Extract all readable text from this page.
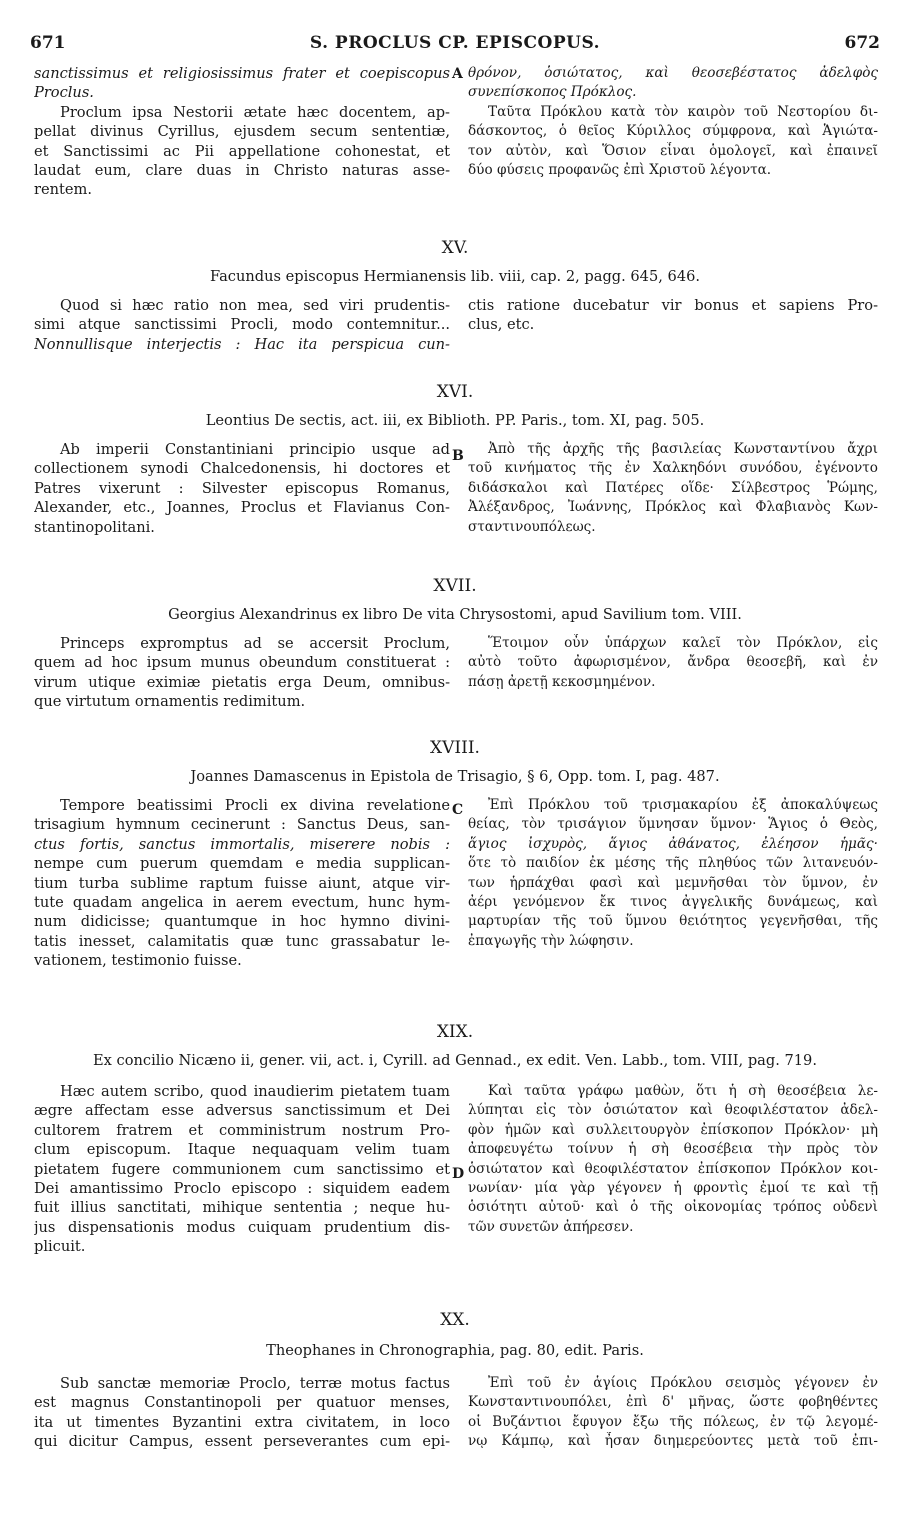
671	S. PROCLUS CP. EPISCOPUS.	672
sanctissimus et religiosissimus frater et coepiscopus
Proclus.
Proclum ipsa Nestorii ætate hæc docentem, ap-
pellat divinus Cyrillus, ejusdem secum sententiæ,
et Sanctissimi ac Pii appellatione cohonestat, et
laudat eum, clare duas in Christo naturas asse-
rentem.
A θρόνον, ὁσιώτατος, καὶ θεοσεβέστατος ἀδελφὸς
συνεπίσκοπος Πρόκλος.
Ταῦτα Πρόκλου κατὰ τὸν καιρὸν τοῦ Νεστορίου δι-
δάσκοντος, ὁ θεῖος Κύριλλος σύμφρονα, καὶ Ἁγιώτα-
τον αὐτὸν, καὶ Ὅσιον εἶναι ὁμολογεῖ, καὶ ἐπαινεῖ
δύο φύσεις προφανῶς ἐπὶ Χριστοῦ λέγοντα.
XV.
Facundus episcopus Hermianensis lib. viii, cap. 2, pagg. 645, 646.
Quod si hæc ratio non mea, sed viri prudentis-
simi atque sanctissimi Procli, modo contemnitur...
Nonnullisque interjectis : Hac ita perspicua cun-
ctis ratione ducebatur vir bonus et sapiens Pro-
clus, etc.
XVI.
Leontius De sectis, act. iii, ex Biblioth. PP. Paris., tom. XI, pag. 505.
Ab imperii Constantiniani principio usque ad
collectionem synodi Chalcedonensis, hi doctores et
Patres vixerunt : Silvester episcopus Romanus,
Alexander, etc., Joannes, Proclus et Flavianus Con-
stantinopolitani.
B	Ἀπὸ τῆς ἀρχῆς τῆς βασιλείας Κωνσταντίνου ἄχρι
τοῦ κινήματος τῆς ἐν Χαλκηδόνι συνόδου, ἐγένοντο
διδάσκαλοι καὶ Πατέρες οἵδε· Σίλβεστρος Ῥώμης,
Ἀλέξανδρος, Ἰωάννης, Πρόκλος καὶ Φλαβιανὸς Κων-
σταντινουπόλεως.
XVII.
Georgius Alexandrinus ex libro De vita Chrysostomi, apud Savilium tom. VIII.
Princeps expromptus ad se accersit Proclum,
quem ad hoc ipsum munus obeundum constituerat :
virum utique eximiæ pietatis erga Deum, omnibus-
que virtutum ornamentis redimitum.
Ἕτοιμον οὖν ὑπάρχων καλεῖ τὸν Πρόκλον, εἰς
αὐτὸ τοῦτο ἀφωρισμένον, ἄνδρα θεοσεβῆ, καὶ ἐν
πάσῃ ἀρετῇ κεκοσμημένον.
XVIII.
Joannes Damascenus in Epistola de Trisagio, § 6, Opp. tom. I, pag. 487.
Tempore beatissimi Procli ex divina revelatione
trisagium hymnum cecinerunt : Sanctus Deus, san-
ctus fortis, sanctus immortalis, miserere nobis :
nempe cum puerum quemdam e media supplican-
tium turba sublime raptum fuisse aiunt, atque vir-
tute quadam angelica in aerem evectum, hunc hym-
num didicisse; quantumque in hoc hymno divini-
tatis inesset, calamitatis quæ tunc grassabatur le-
vationem, testimonio fuisse.
C	Ἐπὶ Πρόκλου τοῦ τρισμακαρίου ἐξ ἀποκαλύψεως
θείας, τὸν τρισάγιον ὕμνησαν ὕμνον· Ἅγιος ὁ Θεὸς,
ἅγιος ἰσχυρὸς, ἅγιος ἀθάνατος, ἐλέησον ἡμᾶς·
ὅτε τὸ παιδίον ἐκ μέσης τῆς πληθύος τῶν λιτανευόν-
των ἡρπάχθαι φασὶ καὶ μεμνῆσθαι τὸν ὕμνον, ἐν
ἀέρι γενόμενον ἔκ τινος ἀγγελικῆς δυνάμεως, καὶ
μαρτυρίαν τῆς τοῦ ὕμνου θειότητος γεγενῆσθαι, τῆς
ἐπαγωγῆς τὴν λώφησιν.
XIX.
Ex concilio Nicæno ii, gener. vii, act. i, Cyrill. ad Gennad., ex edit. Ven. Labb., tom. VIII, pag. 719.
Hæc autem scribo, quod inaudierim pietatem tuam
ægre affectam esse adversus sanctissimum et Dei
cultorem fratrem et comministrum nostrum Pro-
clum episcopum. Itaque nequaquam velim tuam
pietatem fugere communionem cum sanctissimo et
Dei amantissimo Proclo episcopo : siquidem eadem
fuit illius sanctitati, mihique sententia ; neque hu-
jus dispensationis modus cuiquam prudentium dis-
plicuit.
D
Καὶ ταῦτα γράφω μαθὼν, ὅτι ἡ σὴ θεοσέβεια λε-
λύπηται εἰς τὸν ὁσιώτατον καὶ θεοφιλέστατον ἀδελ-
φὸν ἡμῶν καὶ συλλειτουργὸν ἐπίσκοπον Πρόκλον· μὴ
ἀποφευγέτω τοίνυν ἡ σὴ θεοσέβεια τὴν πρὸς τὸν
ὁσιώτατον καὶ θεοφιλέστατον ἐπίσκοπον Πρόκλον κοι-
νωνίαν· μία γὰρ γέγονεν ἡ φροντὶς ἐμοί τε καὶ τῇ
ὁσιότητι αὐτοῦ· καὶ ὁ τῆς οἰκονομίας τρόπος οὐδενὶ
τῶν συνετῶν ἀπήρεσεν.
XX.
Theophanes in Chronographia, pag. 80, edit. Paris.
Sub sanctæ memoriæ Proclo, terræ motus factus
est magnus Constantinopoli per quatuor menses,
ita ut timentes Byzantini extra civitatem, in loco
qui dicitur Campus, essent perseverantes cum epi-
Ἐπὶ τοῦ ἐν ἁγίοις Πρόκλου σεισμὸς γέγονεν ἐν
Κωνσταντινουπόλει, ἐπὶ δ' μῆνας, ὥστε φοβηθέντες
οἱ Βυζάντιοι ἔφυγον ἔξω τῆς πόλεως, ἐν τῷ λεγομέ-
νῳ Κάμπῳ, καὶ ἦσαν διημερεύοντες μετὰ τοῦ ἐπι-
